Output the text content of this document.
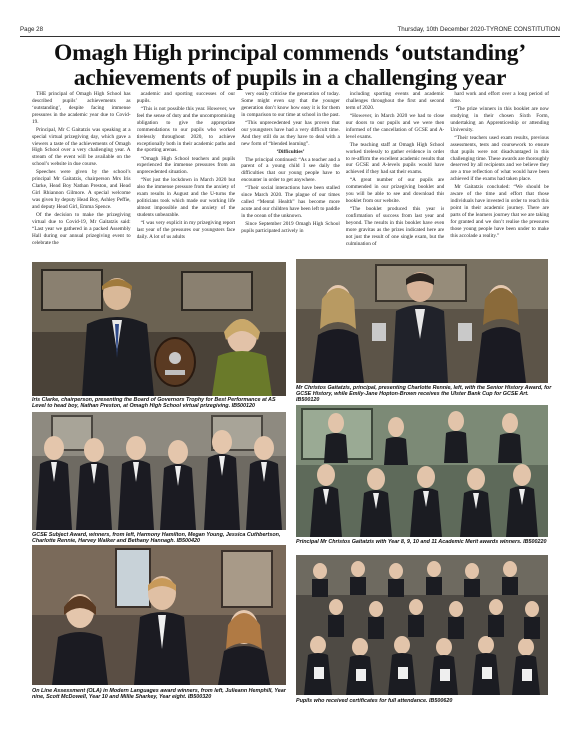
Page 28	Thursday, 10th December 2020-TYRONE CONSTITUTION
Omagh High principal commends ‘outstanding’
achievements of pupils in a challenging year

THE principal of Omagh High School has described pupils’ achievements as ‘outstanding’, despite facing immense pressures in the academic year due to Covid-19.

Principal, Mr C Gaitatzis was speaking at a special virtual prizegiving day, which gave a viewers a taste of the achievements of Omagh High School over a very challenging year. A stream of the event will be available on the school’s website in due course.

Speeches were given by the school’s principal Mr Gaitatzis, chairperson Mrs Iris Clarke, Head Boy Nathan Preston, and Head Girl Rhiannon Gilmore. A special welcome was given by deputy Head Boy, Ashley Peffie, and deputy Head Girl, Emma Spence.

Of the decision to make the prizegiving virtual due to Covid-19, Mr Gaitatzis said: “Last year we gathered in a packed Assembly Hall during our annual prizegiving event to celebrate the

academic and sporting successes of our pupils.

“This is not possible this year. However, we feel the sense of duty and the uncompromising obligation to give the appropriate commendations to our pupils who worked tirelessly throughout 2020, to achieve exceptionally both in their academic paths and the sporting arenas.

“Omagh High School teachers and pupils experienced the immense pressures from an unprecedented situation.

“Not just the lockdown in March 2020 but also the immense pressure from the anxiety of exam results in August and the U-turns the politicians took which made our working life almost impossible and the anxiety of the students unbearable.

“I was very explicit in my prizegiving report last year of the pressures our youngsters face daily. A lot of us adults

very easily criticise the generation of today. Some might even say that the younger generation don’t know how easy it is for them in comparison to our time at school in the past.

“This unprecedented year has proven that our youngsters have had a very difficult time. And they still do as they have to deal with a new form of “blended learning”.

‘Difficulties’

The principal continued: “As a teacher and a parent of a young child I see daily the difficulties that our young people have to encounter in order to get anywhere.

“Their social interactions have been stalled since March 2020. The plague of our times called “Mental Health” has become more acute and our children have been left to paddle in the ocean of the unknown.

Since September 2019 Omagh High School pupils participated actively in

including sporting events and academic challenges throughout the first and second term of 2020.

“However, in March 2020 we had to close our doors to our pupils and we were then informed of the cancellation of GCSE and A-level exams.

The teaching staff at Omagh High School worked tirelessly to gather evidence in order to re-affirm the excellent academic results that our GCSE and A-levels pupils would have achieved if they had sat their exams.

“A great number of our pupils are commended in our prizegiving booklet and you will be able to see and download this booklet from our website.

“The booklet produced this year is confirmation of success from last year and beyond. The results in this booklet have even more gravitas as the prizes indicated here are not just the result of one single exam, but the culmination of

hard work and effort over a long period of time.

“The prize winners in this booklet are now studying in their chosen Sixth Form, undertaking an Apprenticeship or attending University.

“Their teachers used exam results, previous assessments, tests and coursework to ensure that pupils were not disadvantaged in this challenging time. These awards are thoroughly deserved by all recipients and we believe they are a true reflection of what would have been achieved if the exams had taken place.

Mr Gaitatzis concluded: “We should be aware of the time and effort that those individuals have invested in order to reach this point in their academic journey. There are parts of the learners journey that we are taking for granted and we don’t realise the pressures those young people have been under to make this accolade a reality.”

Iris Clarke, chairperson, presenting the Board of Governors Trophy for Best Performance at AS Level to head boy, Nathan Preston, at Omagh High School virtual prizegiving. IB500120
Mr Christos Gaitatzis, principal, presenting Charlotte Rennie, left, with the Senior History Award, for GCSE History, while Emily-Jane Hopton-Brown receives the Ulster Bank Cup for GCSE Art. IB500120
GCSE Subject Award, winners, from left, Harmony Hamilton, Megan Young, Jessica Cuthbertson, Charlotte Rennie, Harvey Walker and Bethany Hannagh. IB500420	Principal Mr Christos Gaitatzis with Year 8, 9, 10 and 11 Academic Merit awards winners. IB500220
On Line Assessment (OLA) in Modern Languages award winners, from left, Julieann Hemphill, Year nine, Scott McDowell, Year 10 and Millie Sharkey, Year eight. IB500320
Pupils who received certificates for full attendance. IB500620
